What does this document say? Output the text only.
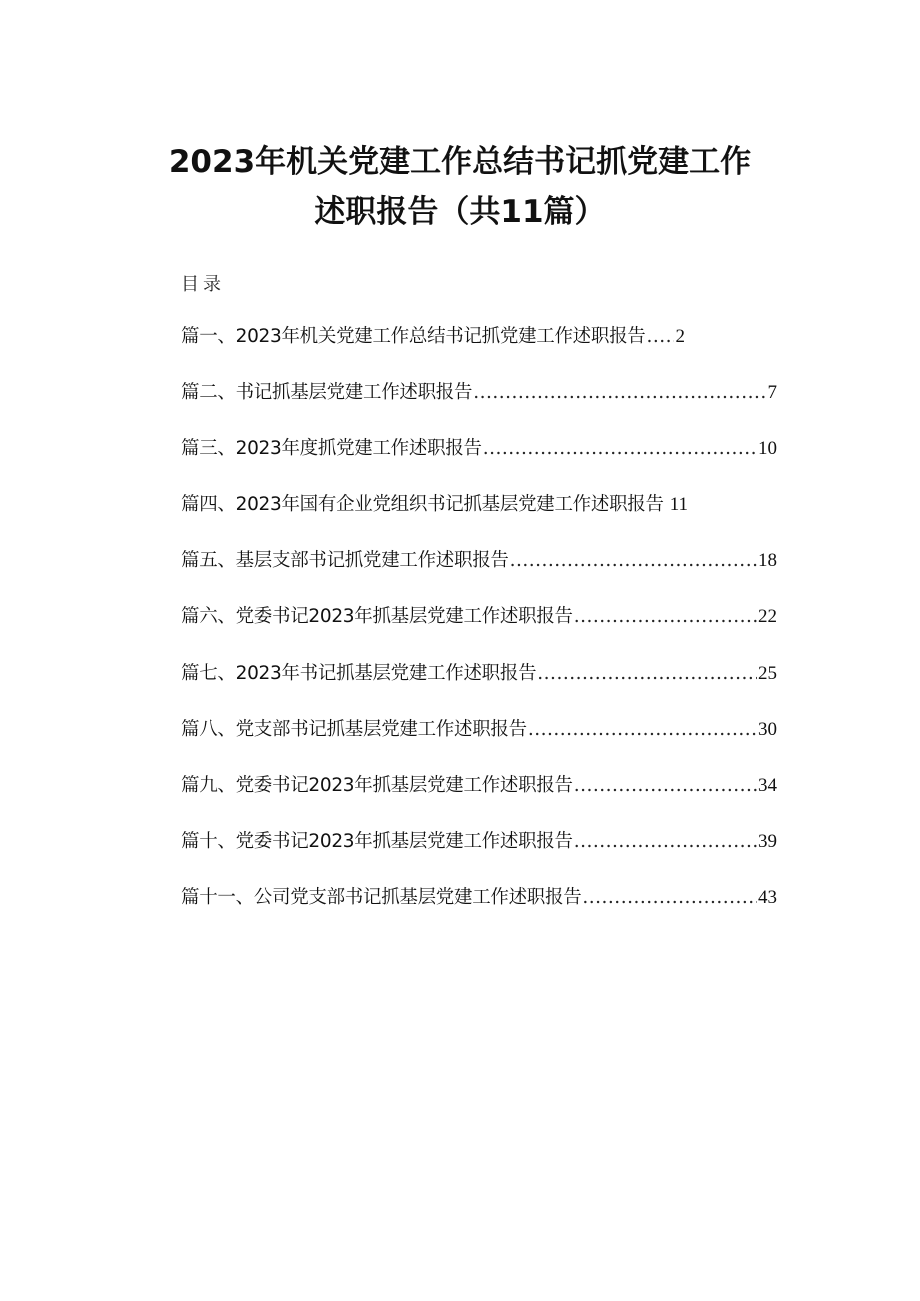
2023年机关党建工作总结书记抓党建工作
述职报告（共11篇）
目录
篇一、2023年机关党建工作总结书记抓党建工作述职报告 ..... 2
篇二、书记抓基层党建工作述职报告 .....	7
篇三、2023年度抓党建工作述职报告 .....	10
篇四、2023年国有企业党组织书记抓基层党建工作述职报告 11
篇五、基层支部书记抓党建工作述职报告 .....	18
篇六、党委书记2023年抓基层党建工作述职报告 .....	22
篇七、2023年书记抓基层党建工作述职报告 .....	25
篇八、党支部书记抓基层党建工作述职报告 .....	30
篇九、党委书记2023年抓基层党建工作述职报告 .....	34
篇十、党委书记2023年抓基层党建工作述职报告 .....	39
篇十一、公司党支部书记抓基层党建工作述职报告 .....	43
